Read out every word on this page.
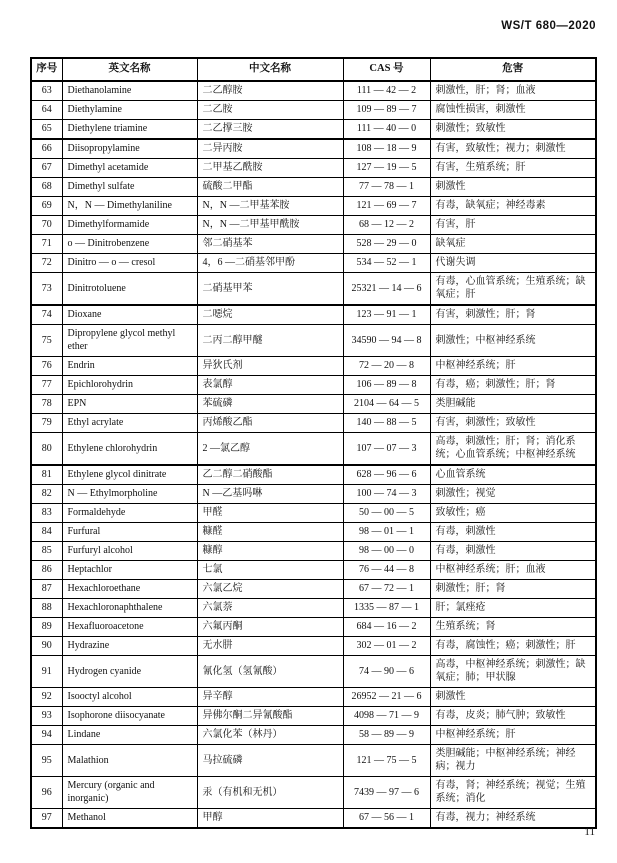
WS/T 680—2020
序号	英文名称	中文名称	CAS 号	危害
63	Diethanolamine	二乙醇胺	111 — 42 — 2	刺激性，肝；肾；血液
64	Diethylamine	二乙胺	109 — 89 — 7	腐蚀性损害，刺激性
65	Diethylene triamine	二乙撑三胺	111 — 40 — 0	刺激性；致敏性
66	Diisopropylamine	二异丙胺	108 — 18 — 9	有害，致敏性；视力；刺激性
67	Dimethyl acetamide	二甲基乙酰胺	127 — 19 — 5	有害，生殖系统；肝
68	Dimethyl sulfate	硫酸二甲酯	77 — 78 — 1	刺激性
69	N，N — Dimethylaniline	N，N —二甲基苯胺	121 — 69 — 7	有毒，缺氧症；神经毒素
70	Dimethylformamide	N，N —二甲基甲酰胺	68 — 12 — 2	有害，肝
71	o — Dinitrobenzene	邻二硝基苯	528 — 29 — 0	缺氧症
72	Dinitro — o — cresol	4，6 —二硝基邻甲酚	534 — 52 — 1	代谢失调
73	Dinitrotoluene	二硝基甲苯	25321 — 14 — 6	有毒，心血管系统；生殖系统；缺氧症；肝
74	Dioxane	二噁烷	123 — 91 — 1	有害，刺激性；肝；肾
75	Dipropylene glycol methyl ether	二丙二醇甲醚	34590 — 94 — 8	刺激性；中枢神经系统
76	Endrin	异狄氏剂	72 — 20 — 8	中枢神经系统；肝
77	Epichlorohydrin	表氯醇	106 — 89 — 8	有毒，癌；刺激性；肝；肾
78	EPN	苯硫磷	2104 — 64 — 5	类胆碱能
79	Ethyl acrylate	丙烯酸乙酯	140 — 88 — 5	有害，刺激性；致敏性
80	Ethylene chlorohydrin	2 —氯乙醇	107 — 07 — 3	高毒，刺激性；肝；肾；消化系统；心血管系统；中枢神经系统
81	Ethylene glycol dinitrate	乙二醇二硝酸酯	628 — 96 — 6	心血管系统
82	N — Ethylmorpholine	N —乙基吗啉	100 — 74 — 3	刺激性；视觉
83	Formaldehyde	甲醛	50 — 00 — 5	致敏性；癌
84	Furfural	糠醛	98 — 01 — 1	有毒，刺激性
85	Furfuryl alcohol	糠醇	98 — 00 — 0	有毒，刺激性
86	Heptachlor	七氯	76 — 44 — 8	中枢神经系统；肝；血液
87	Hexachloroethane	六氯乙烷	67 — 72 — 1	刺激性；肝；肾
88	Hexachloronaphthalene	六氯萘	1335 — 87 — 1	肝；氯痤疮
89	Hexafluoroacetone	六氟丙酮	684 — 16 — 2	生殖系统；肾
90	Hydrazine	无水肼	302 — 01 — 2	有毒，腐蚀性；癌；刺激性；肝
91	Hydrogen cyanide	氰化氢（氢氰酸）	74 — 90 — 6	高毒，中枢神经系统；刺激性；缺氧症；肺；甲状腺
92	Isooctyl alcohol	异辛醇	26952 — 21 — 6	刺激性
93	Isophorone diisocyanate	异佛尔酮二异氰酸酯	4098 — 71 — 9	有毒，皮炎；肺气肿；致敏性
94	Lindane	六氯化苯（林丹）	58 — 89 — 9	中枢神经系统；肝
95	Malathion	马拉硫磷	121 — 75 — 5	类胆碱能；中枢神经系统；神经病；视力
96	Mercury (organic and inorganic)	汞（有机和无机）	7439 — 97 — 6	有毒，肾；神经系统；视觉；生殖系统；消化
97	Methanol	甲醇	67 — 56 — 1	有毒，视力；神经系统
11
